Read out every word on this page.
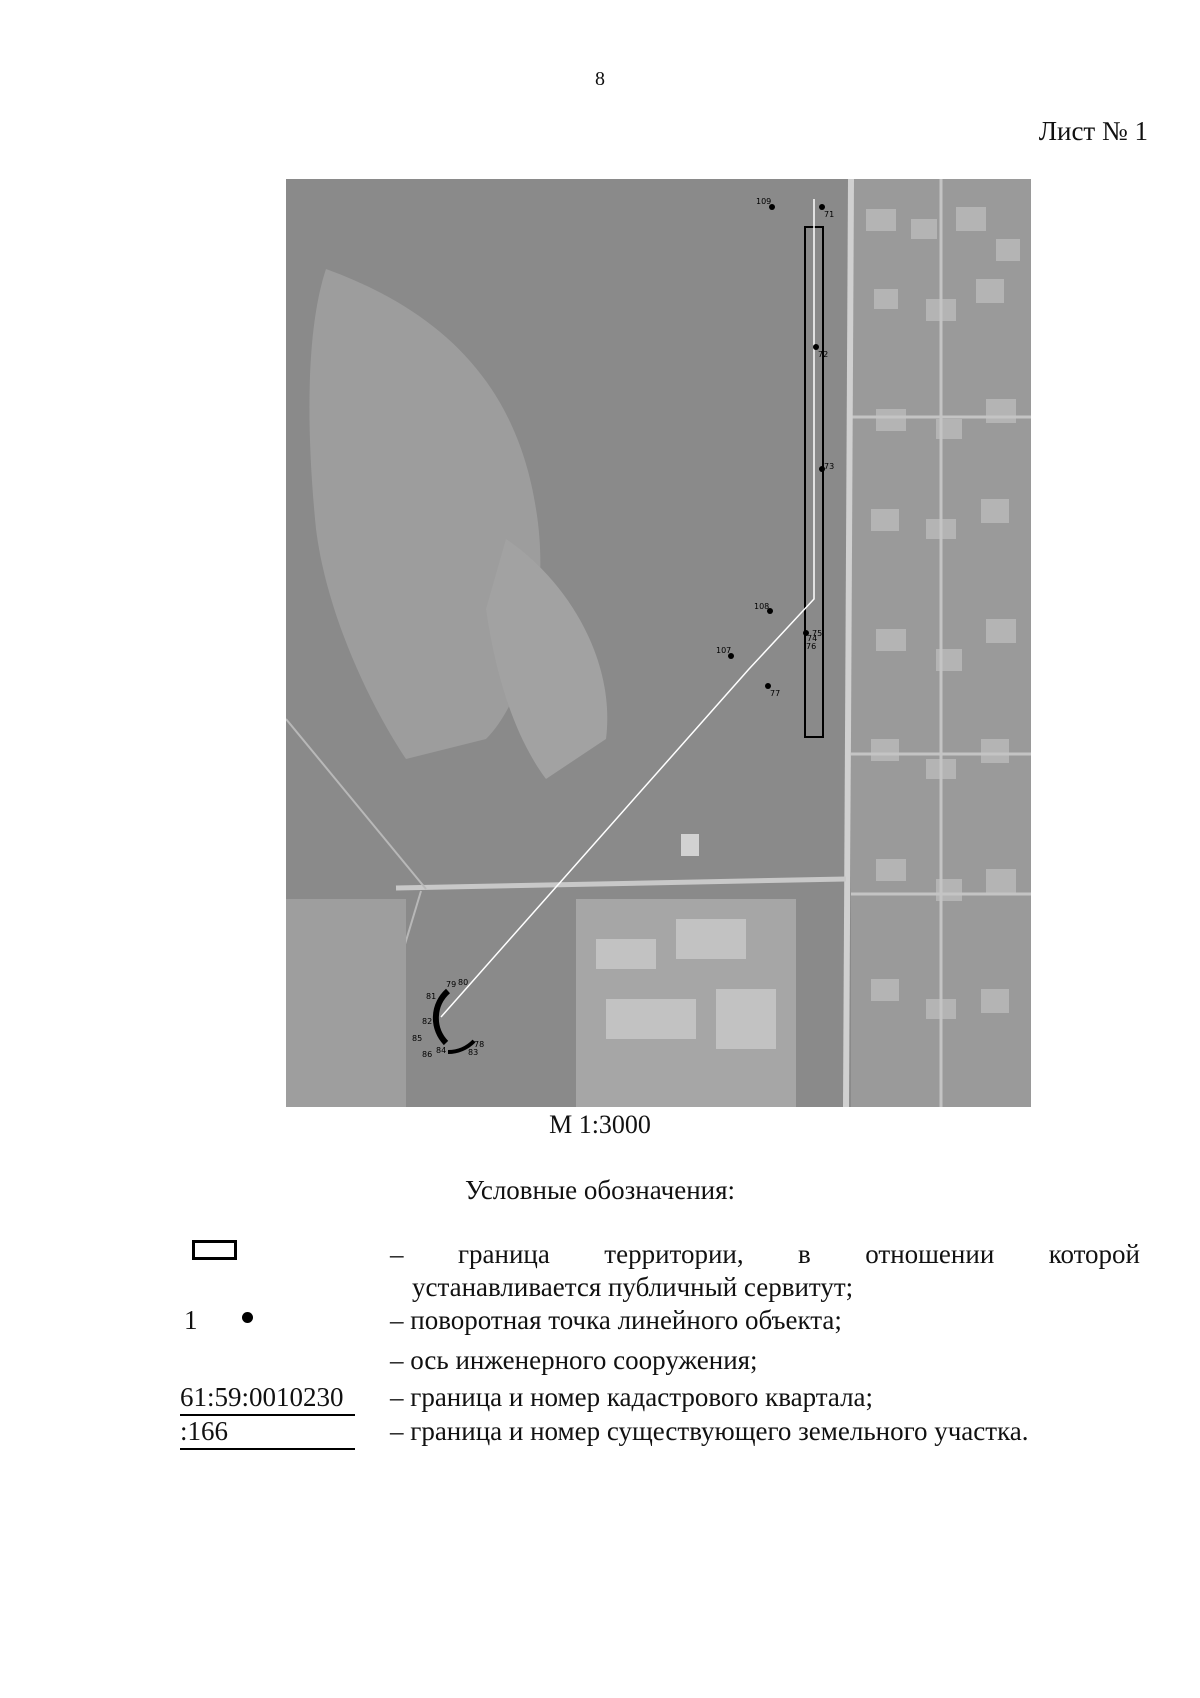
8
Лист № 1
109
71
72
73
74
108
75
76
107
77
78
79 80
81
82
83
84
85
86
М 1:3000
Условные обозначения:
– граница территории, в отношении которой
устанавливается публичный сервитут;
1	– поворотная точка линейного объекта;
– ось инженерного сооружения;
61:59:0010230	– граница и номер кадастрового квартала;
:166	– граница и номер существующего земельного участка.
